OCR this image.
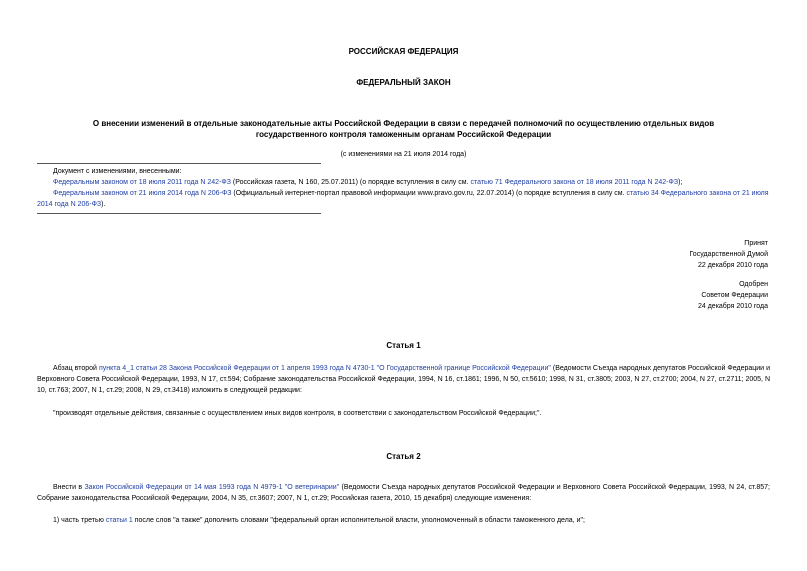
РОССИЙСКАЯ ФЕДЕРАЦИЯ
ФЕДЕРАЛЬНЫЙ ЗАКОН
О внесении изменений в отдельные законодательные акты Российской Федерации в связи с передачей полномочий по осуществлению отдельных видов
государственного контроля таможенным органам Российской Федерации
(с изменениями на 21 июля 2014 года)
Документ с изменениями, внесенными:
Федеральным законом от 18 июля 2011 года N 242-ФЗ (Российская газета, N 160, 25.07.2011) (о порядке вступления в силу см. статью 71 Федерального закона от 18 июля 2011 года N 242-ФЗ);
Федеральным законом от 21 июля 2014 года N 206-ФЗ (Официальный интернет-портал правовой информации www.pravo.gov.ru, 22.07.2014) (о порядке вступления в силу см. статью 34 Федерального закона от 21 июля 2014 года N 206-ФЗ).
Принят
Государственной Думой
22 декабря 2010 года
Одобрен
Советом Федерации
24 декабря 2010 года
Статья 1
Абзац второй пункта 4_1 статьи 28 Закона Российской Федерации от 1 апреля 1993 года N 4730-1 "О Государственной границе Российской Федерации" (Ведомости Съезда народных депутатов Российской Федерации и Верховного Совета Российской Федерации, 1993, N 17, ст.594; Собрание законодательства Российской Федерации, 1994, N 16, ст.1861; 1996, N 50, ст.5610; 1998, N 31, ст.3805; 2003, N 27, ст.2700; 2004, N 27, ст.2711; 2005, N 10, ст.763; 2007, N 1, ст.29; 2008, N 29, ст.3418) изложить в следующей редакции:
"производят отдельные действия, связанные с осуществлением иных видов контроля, в соответствии с законодательством Российской Федерации;".
Статья 2
Внести в Закон Российской Федерации от 14 мая 1993 года N 4979-1 "О ветеринарии" (Ведомости Съезда народных депутатов Российской Федерации и Верховного Совета Российской Федерации, 1993, N 24, ст.857; Собрание законодательства Российской Федерации, 2004, N 35, ст.3607; 2007, N 1, ст.29; Российская газета, 2010, 15 декабря) следующие изменения:
1) часть третью статьи 1 после слов "а также" дополнить словами "федеральный орган исполнительной власти, уполномоченный в области таможенного дела, и";
